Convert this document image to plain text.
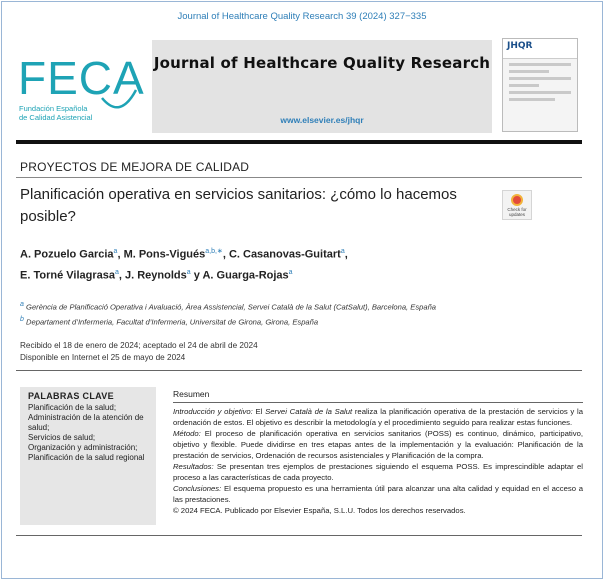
Journal of Healthcare Quality Research 39 (2024) 327−335
FECA
Fundación Española
de Calidad Asistencial
Journal of Healthcare Quality Research
www.elsevier.es/jhqr
JHQR
PROYECTOS DE MEJORA DE CALIDAD
Planificación operativa en servicios sanitarios: ¿cómo lo hacemos posible?	Check for
updates
A. Pozuelo Garcia$^a$, M. Pons-Vigués$^{a,b,∗}$, C. Casanovas-Guitart$^a$,
E. Torné Vilagrasa$^a$, J. Reynolds$^a$ y A. Guarga-Rojas$^a$
$^a$ Gerència de Planificació Operativa i Avaluació, Àrea Assistencial, Servei Català de la Salut (CatSalut), Barcelona, España
$^b$ Departament d’Infermeria, Facultat d’Infermeria, Universitat de Girona, Girona, España
Recibido el 18 de enero de 2024; aceptado el 24 de abril de 2024
Disponible en Internet el 25 de mayo de 2024
PALABRAS CLAVE
Planificación de la salud;
Administración de la atención de salud;
Servicios de salud;
Organización y administración;
Planificación de la salud regional
Resumen

Introducción y objetivo: El Servei Català de la Salut realiza la planificación operativa de la prestación de servicios y la ordenación de estos. El objetivo es describir la metodología y el procedimiento seguido para realizar estas funciones.

Método: El proceso de planificación operativa en servicios sanitarios (POSS) es continuo, dinámico, participativo, objetivo y flexible. Puede dividirse en tres etapas antes de la implementación y la evaluación: Planificación de la prestación de servicios, Ordenación de recursos asistenciales y Planificación de la compra.

Resultados: Se presentan tres ejemplos de prestaciones siguiendo el esquema POSS. Es imprescindible adaptar el proceso a las características de cada proyecto.

Conclusiones: El esquema propuesto es una herramienta útil para alcanzar una alta calidad y equidad en el acceso a las prestaciones.

© 2024 FECA. Publicado por Elsevier España, S.L.U. Todos los derechos reservados.
